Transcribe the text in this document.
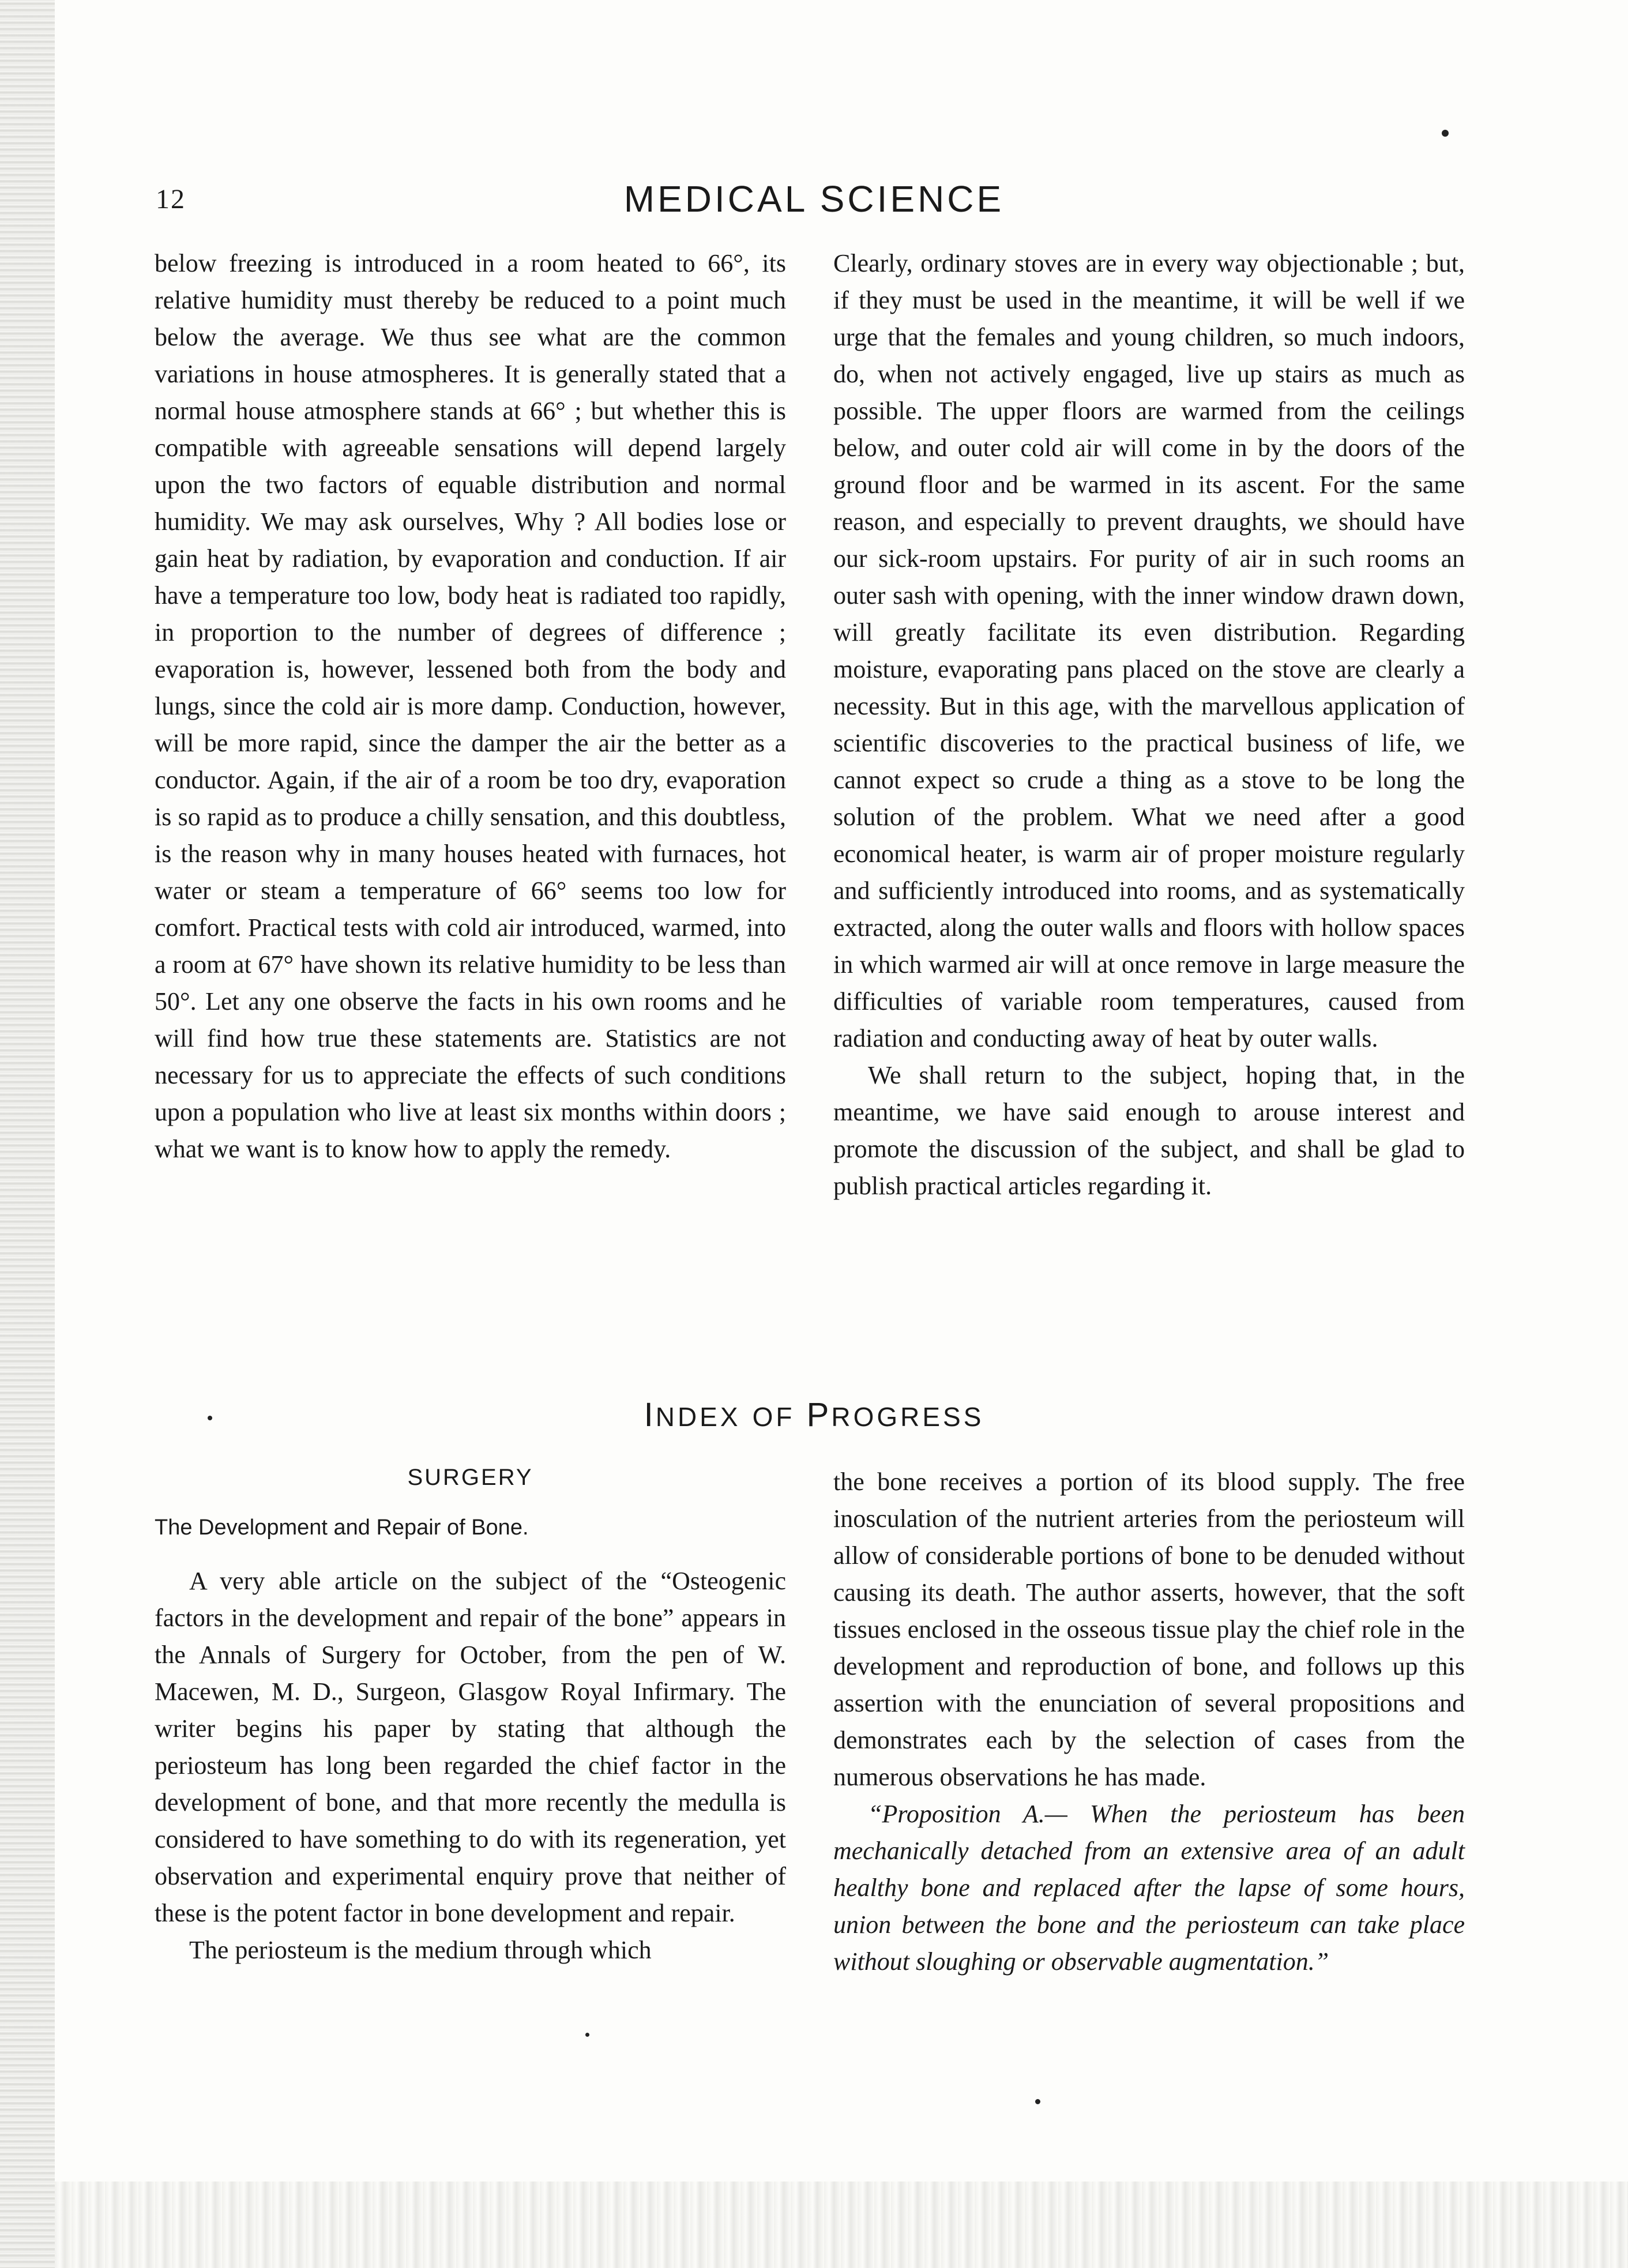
12	MEDICAL SCIENCE

below freezing is introduced in a room heated to 66°, its relative humidity must thereby be reduced to a point much below the average. We thus see what are the common variations in house atmospheres. It is generally stated that a normal house atmosphere stands at 66° ; but whether this is compatible with agreeable sensations will depend largely upon the two factors of equable distribution and normal humidity. We may ask ourselves, Why ? All bodies lose or gain heat by radiation, by evaporation and conduction. If air have a temperature too low, body heat is radiated too rapidly, in proportion to the number of degrees of difference ; evaporation is, however, lessened both from the body and lungs, since the cold air is more damp. Conduction, however, will be more rapid, since the damper the air the better as a conductor. Again, if the air of a room be too dry, evaporation is so rapid as to produce a chilly sensation, and this doubtless, is the reason why in many houses heated with furnaces, hot water or steam a temperature of 66° seems too low for comfort. Practical tests with cold air introduced, warmed, into a room at 67° have shown its relative humidity to be less than 50°. Let any one observe the facts in his own rooms and he will find how true these statements are. Statistics are not necessary for us to appreciate the effects of such conditions upon a population who live at least six months within doors ; what we want is to know how to apply the remedy.

Clearly, ordinary stoves are in every way objectionable ; but, if they must be used in the meantime, it will be well if we urge that the females and young children, so much indoors, do, when not actively engaged, live up stairs as much as possible. The upper floors are warmed from the ceilings below, and outer cold air will come in by the doors of the ground floor and be warmed in its ascent. For the same reason, and especially to prevent draughts, we should have our sick-room upstairs. For purity of air in such rooms an outer sash with opening, with the inner window drawn down, will greatly facilitate its even distribution. Regarding moisture, evaporating pans placed on the stove are clearly a necessity. But in this age, with the marvellous application of scientific discoveries to the practical business of life, we cannot expect so crude a thing as a stove to be long the solution of the problem. What we need after a good economical heater, is warm air of proper moisture regularly and sufficiently introduced into rooms, and as systematically extracted, along the outer walls and floors with hollow spaces in which warmed air will at once remove in large measure the difficulties of variable room temperatures, caused from radiation and conducting away of heat by outer walls.

We shall return to the subject, hoping that, in the meantime, we have said enough to arouse interest and promote the discussion of the subject, and shall be glad to publish practical articles regarding it.

INDEX OF PROGRESS
SURGERY
The Development and Repair of Bone.

A very able article on the subject of the “Osteogenic factors in the development and repair of the bone” appears in the Annals of Surgery for October, from the pen of W. Macewen, M. D., Surgeon, Glasgow Royal Infirmary. The writer begins his paper by stating that although the periosteum has long been regarded the chief factor in the development of bone, and that more recently the medulla is considered to have something to do with its regeneration, yet observation and experimental enquiry prove that neither of these is the potent factor in bone development and repair.

The periosteum is the medium through which

the bone receives a portion of its blood supply. The free inosculation of the nutrient arteries from the periosteum will allow of considerable portions of bone to be denuded without causing its death. The author asserts, however, that the soft tissues enclosed in the osseous tissue play the chief role in the development and reproduction of bone, and follows up this assertion with the enunciation of several propositions and demonstrates each by the selection of cases from the numerous observations he has made.

“Proposition A.— When the periosteum has been mechanically detached from an extensive area of an adult healthy bone and replaced after the lapse of some hours, union between the bone and the periosteum can take place without sloughing or observable augmentation.”
